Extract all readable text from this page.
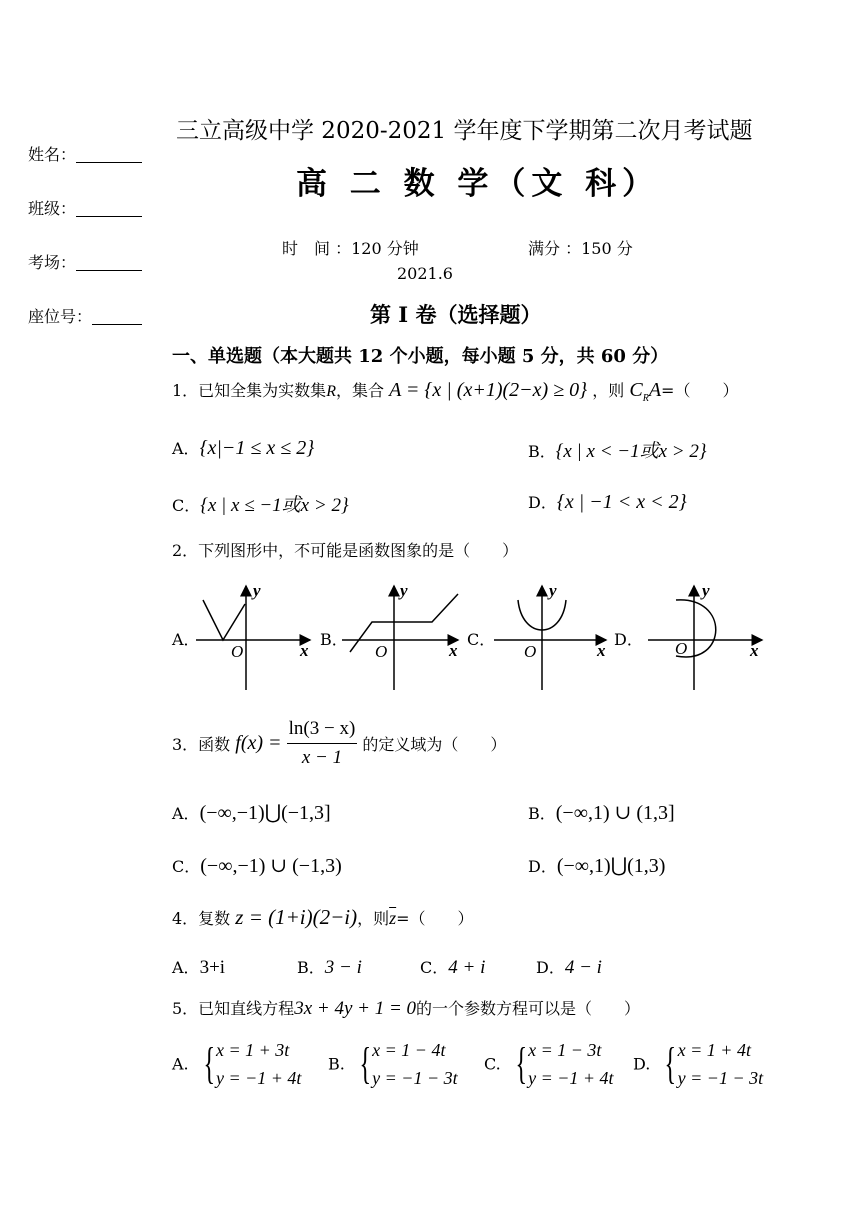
姓名：
班级：
考场：
座位号：
三立高级中学 2020-2021 学年度下学期第二次月考试题
高 二 数 学（文 科）
时　间 ：120 分钟	满分 ：150 分
2021.6
第 I 卷（选择题）
一、单选题（本大题共 12 个小题，每小题 5 分，共 60 分）
1．已知全集为实数集R，集合 A = {x | (x+1)(2−x) ≥ 0} ，则 $C_RA=$（　　）
A．{x|−1 ≤ x ≤ 2}	B．{x | x < −1或x > 2}
C．{x | x ≤ −1或x > 2}	D．{x | −1 < x < 2}
2．下列图形中，不可能是函数图象的是（　　）
A．	B．	C．	D．
y
x
O
y
x
O
y
x
O
y
x
O
3．函数 $f(x) = \frac{\ln(3 - x)}{x - 1}$ 的定义域为（　　）
A．(−∞,−1)⋃(−1,3]	B．(−∞,1) ∪ (1,3]
C．(−∞,−1) ∪ (−1,3)	D．(−∞,1)⋃(1,3)
4．复数 z = (1+i)(2−i)，则$\overline{z}=$（　　）
A．3+i	B．3 − i	C．4 + i	D．4 − i
5．已知直线方程3x + 4y + 1 = 0的一个参数方程可以是（　　）
A. { x = 1 + 3t
y = −1 + 4t
B. { x = 1 − 4t
y = −1 − 3t
C. { x = 1 − 3t
y = −1 + 4t
D. { x = 1 + 4t
y = −1 − 3t
